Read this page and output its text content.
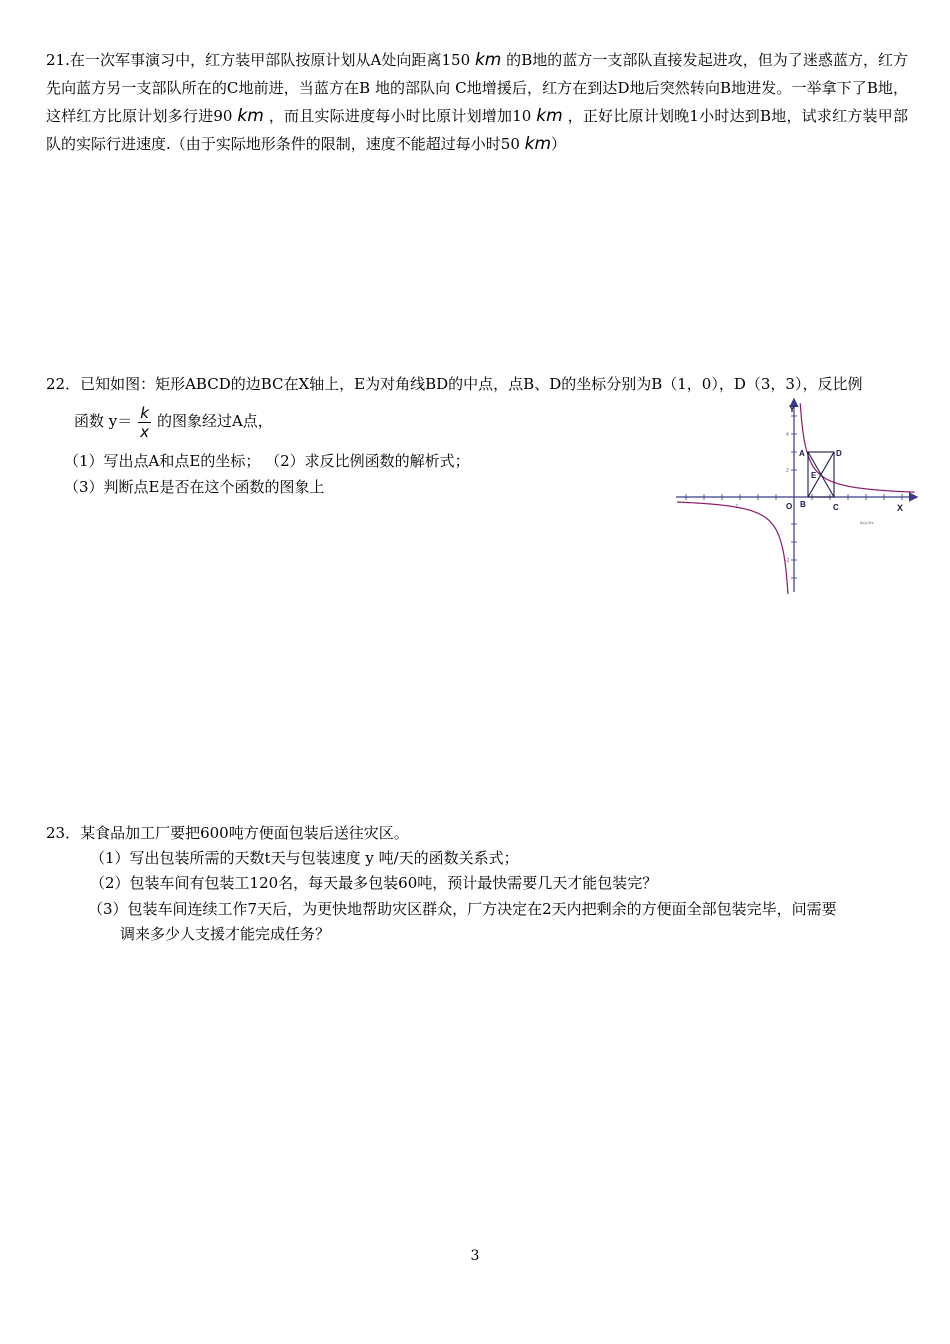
21.在一次军事演习中，红方装甲部队按原计划从A处向距离150 km 的B地的蓝方一支部队直接发起进攻，但为了迷惑蓝方，红方先向蓝方另一支部队所在的C地前进，当蓝方在B 地的部队向 C地增援后，红方在到达D地后突然转向B地进发。一举拿下了B地，这样红方比原计划多行进90 km ，而且实际进度每小时比原计划增加10 km ，正好比原计划晚1小时达到B地，试求红方装甲部队的实际行进速度.（由于实际地形条件的限制，速度不能超过每小时50 km）

22．已知如图：矩形ABCD的边BC在X轴上，E为对角线BD的中点，点B、D的坐标分别为B（1，0），D（3，3），反比例

函数 $y= \frac{k}{x}$ 的图象经过A点，

（1）写出点A和点E的坐标； （2）求反比例函数的解析式；

（3）判断点E是否在这个函数的图象上

-1
4
2
-2
Y
X
O
A
B	C
D
E
f(x)=3/x

23．某食品加工厂要把600吨方便面包装后送往灾区。

（1）写出包装所需的天数t天与包装速度 y 吨/天的函数关系式；

（2）包装车间有包装工120名，每天最多包装60吨，预计最快需要几天才能包装完？

（3）包装车间连续工作7天后，为更快地帮助灾区群众，厂方决定在2天内把剩余的方便面全部包装完毕，问需要

调来多少人支援才能完成任务？

3
